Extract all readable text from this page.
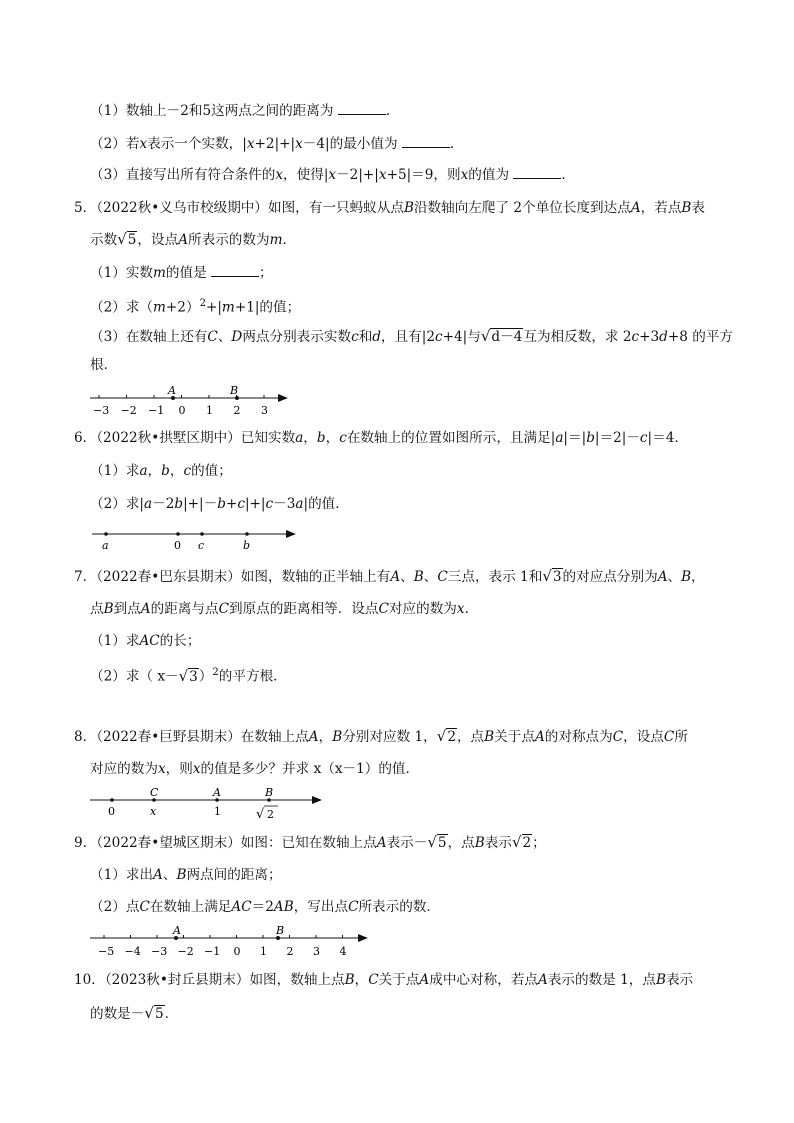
（1）数轴上－2和5这两点之间的距离为	.
（2）若x表示一个实数，|x+2|+|x－4|的最小值为	.
（3）直接写出所有符合条件的x，使得|x－2|+|x+5|＝9，则x的值为	.
5．（2022秋•义乌市校级期中）如图，有一只蚂蚁从点B沿数轴向左爬了 2个单位长度到达点A，若点B表
示数√5，设点A所表示的数为m．
（1）实数m的值是	；
（2）求$(m+2)^2+|m+1|$的值；
（3）在数轴上还有C、D两点分别表示实数c和d，且有|2c+4|与√d－4互为相反数，求 2c+3d+8 的平方
根．
−3 −2 −1 0 1 2 3
A	B
6．（2022秋•拱墅区期中）已知实数a，b，c在数轴上的位置如图所示，且满足|a|＝|b|＝2|－c|＝4．
（1）求a，b，c的值；
（2）求|a－2b|+|－b+c|+|c－3a|的值．
a	0 c	b
7．（2022春•巴东县期末）如图，数轴的正半轴上有A、B、C三点，表示 1和√3的对应点分别为A、B，
点B到点A的距离与点C到原点的距离相等．设点C对应的数为x．
（1）求AC的长；
（2）求（ x－√3）$^2$的平方根．
8．（2022春•巨野县期末）在数轴上点A，B分别对应数 1，√2，点B关于点A的对称点为C，设点C所
对应的数为x，则x的值是多少？并求 x（x－1）的值．
C	A	B
0	x	1	√ 2
9．（2022春•望城区期末）如图：已知在数轴上点A表示－√5，点B表示√2；
（1）求出A、B两点间的距离；
（2）点C在数轴上满足AC＝2AB，写出点C所表示的数．
−5 −4 −3 −2 −1 0 1 2 3 4
A	B
10．（2023秋•封丘县期末）如图，数轴上点B，C关于点A成中心对称，若点A表示的数是 1，点B表示
的数是－√5．
